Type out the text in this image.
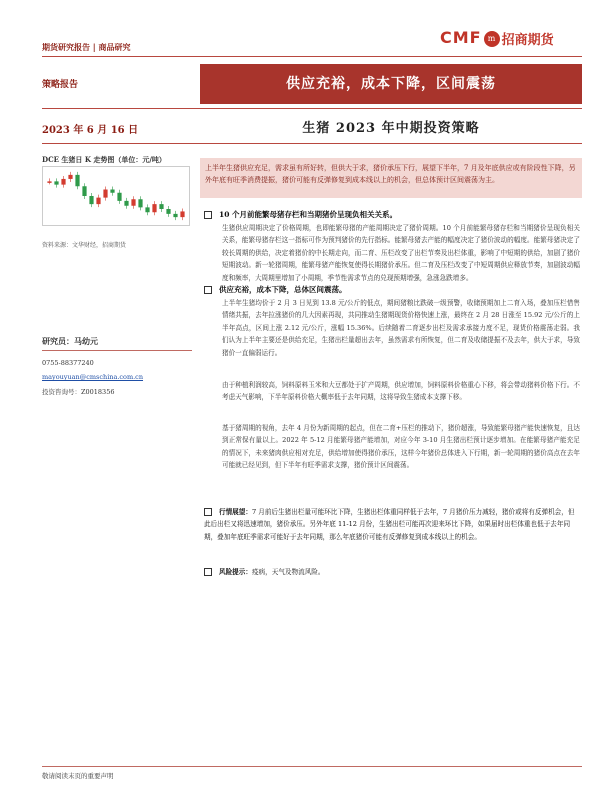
期货研究报告 | 商品研究	CMF m 招商期货
策略报告	供应充裕，成本下降，区间震荡
2023 年 6 月 16 日	生猪 2023 年中期投资策略
DCE 生猪日 K 走势图（单位：元/吨）
资料来源：文华财经，招商期货
上半年生猪供应充足，需求虽有所好转，但供大于求，猪价承压下行，展望下半年，7 月及年底供应或有阶段性下降，另外年底有旺季消费提振，猪价可能有反弹修复到成本线以上的机会，但总体预计区间震荡为主。
10 个月前能繁母猪存栏和当期猪价呈现负相关关系。
生猪供应周期决定了价格周期，也即能繁母猪的产能周期决定了猪价周期。10 个月前能繁母猪存栏和当期猪价呈现负相关关系，能繁母猪存栏这一指标可作为预判猪价的先行指标。能繁母猪去产能的幅度决定了猪价波动的幅度。能繁母猪决定了较长周期的供给，决定着猪价的中长期走向，而二育、压栏改变了出栏节奏及出栏体重，影响了中短期的供给，加剧了猪价短期波动。新一轮猪周期，能繁母猪产能恢复使得长期猪价承压。但二育及压栏改变了中短周期供应释放节奏，加剧波动幅度和频率，大周期里增加了小周期，季节性需求节点的兑现预期增强，急涨急跌增多。
供应充裕，成本下降，总体区间震荡。
上半年生猪均价于 2 月 3 日见到 13.8 元/公斤的低点，期间猪粮比跌破一级预警，收储预期加上二育入场，叠加压栏惜售情绪共振，去年拉涨猪价的几大因素再现，共同推动生猪期现货价格快速上涨，最终在 2 月 28 日涨至 15.92 元/公斤的上半年高点，区间上涨 2.12 元/公斤，涨幅 15.36%。后续随着二育逐步出栏及需求承接力度不足，现货价格震荡走弱。我们认为上半年主要还是供给充足，生猪出栏量超出去年，虽然需求有所恢复，但二育及收储提振不及去年，供大于求，导致猪价一直偏弱运行。
由于种植利润较高，饲料原料玉米和大豆都处于扩产周期，供应增加，饲料原料价格重心下移，将会带动猪料价格下行。不考虑天气影响，下半年原料价格大概率低于去年同期，这将导致生猪成本支撑下移。
基于猪周期的视角，去年 4 月份为新周期的起点，但在二育+压栏的推动下，猪价超涨，导致能繁母猪产能快速恢复，且达到正常保有量以上。2022 年 5-12 月能繁母猪产能增加，对应今年 3-10 月生猪出栏预计逐步增加。在能繁母猪产能充足的情况下，未来猪肉供应相对充足，供给增加使得猪价承压，这样今年猪价总体进入下行期，新一轮周期的猪价高点在去年可能就已经见到，但下半年有旺季需求支撑，猪价预计区间震荡。
行情展望：7 月前后生猪出栏量可能环比下降，生猪出栏体重同样低于去年，7 月猪价压力减轻，猪价或将有反弹机会，但此后出栏又将迅速增加，猪价承压。另外年底 11-12 月份，生猪出栏可能再次迎来环比下降，如果届时出栏体重也低于去年同期，叠加年底旺季需求可能好于去年同期，那么年底猪价可能有反弹修复到成本线以上的机会。
风险提示：疫病，天气及物流风险。
研究员：马幼元
0755-88377240
mayouyuan@cmschina.com.cn
投资咨询号：Z0018356
敬请阅读末页的重要声明
